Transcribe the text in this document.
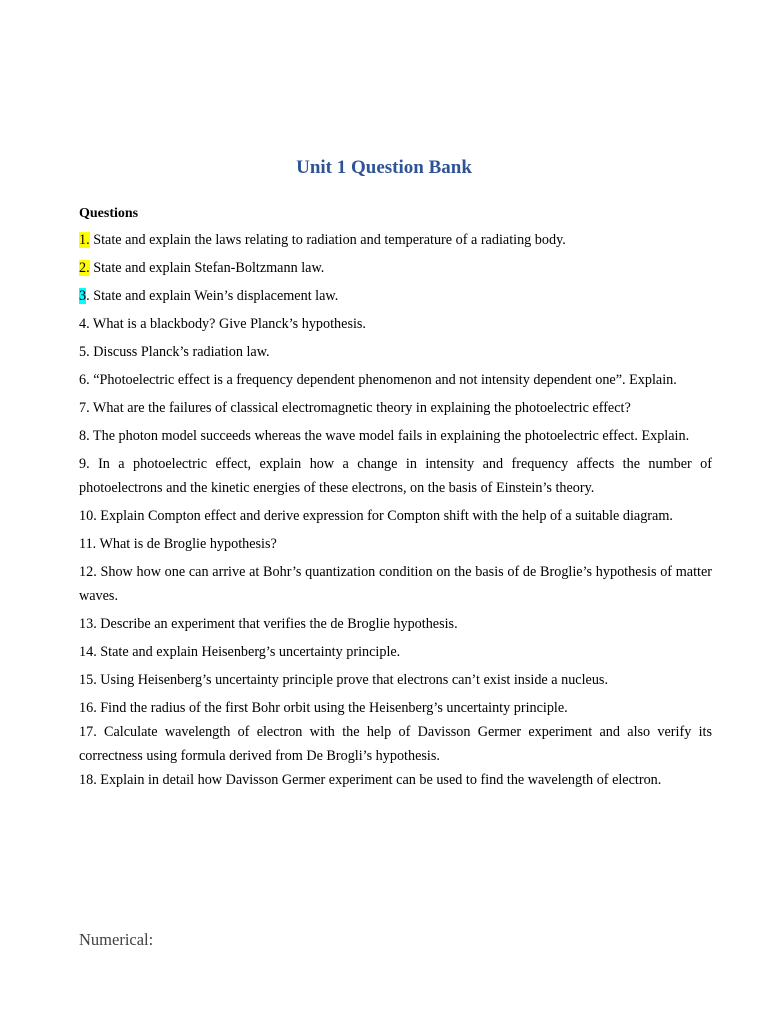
Unit 1 Question Bank
Questions

1. State and explain the laws relating to radiation and temperature of a radiating body.

2. State and explain Stefan-Boltzmann law.

3. State and explain Wein’s displacement law.

4. What is a blackbody? Give Planck’s hypothesis.

5. Discuss Planck’s radiation law.

6. “Photoelectric effect is a frequency dependent phenomenon and not intensity dependent one”. Explain.

7. What are the failures of classical electromagnetic theory in explaining the photoelectric effect?

8. The photon model succeeds whereas the wave model fails in explaining the photoelectric effect. Explain.

9. In a photoelectric effect, explain how a change in intensity and frequency affects the number of photoelectrons and the kinetic energies of these electrons, on the basis of Einstein’s theory.

10. Explain Compton effect and derive expression for Compton shift with the help of a suitable diagram.

11. What is de Broglie hypothesis?

12. Show how one can arrive at Bohr’s quantization condition on the basis of de Broglie’s hypothesis of matter waves.

13. Describe an experiment that verifies the de Broglie hypothesis.

14. State and explain Heisenberg’s uncertainty principle.

15. Using Heisenberg’s uncertainty principle prove that electrons can’t exist inside a nucleus.

16. Find the radius of the first Bohr orbit using the Heisenberg’s uncertainty principle.

17. Calculate wavelength of electron with the help of Davisson Germer experiment and also verify its correctness using formula derived from De Brogli’s hypothesis.

18. Explain in detail how Davisson Germer experiment can be used to find the wavelength of electron.

Numerical:
